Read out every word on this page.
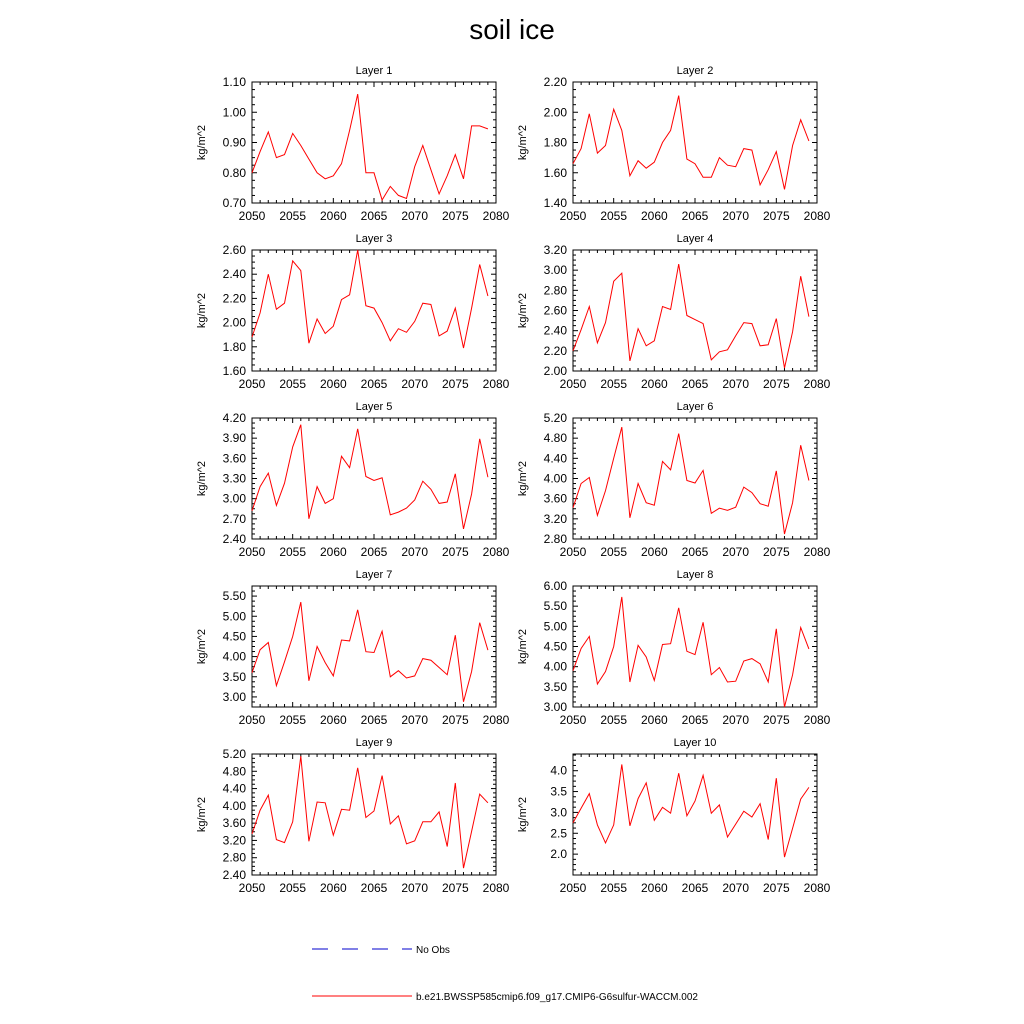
soil ice
Layer 1
kg/m^2
2050 2055 2060 2065 2070 2075 2080
0.70
0.80
0.90
1.00
1.10
Layer 2
kg/m^2
2050 2055 2060 2065 2070 2075 2080
1.40
1.60
1.80
2.00
2.20
Layer 3
kg/m^2
2050 2055 2060 2065 2070 2075 2080
1.60
1.80
2.00
2.20
2.40
2.60
Layer 4
kg/m^2
2050 2055 2060 2065 2070 2075 2080
2.00
2.20
2.40
2.60
2.80
3.00
3.20
Layer 5
kg/m^2
2050 2055 2060 2065 2070 2075 2080
2.40
2.70
3.00
3.30
3.60
3.90
4.20
Layer 6
kg/m^2
2050 2055 2060 2065 2070 2075 2080
2.80
3.20
3.60
4.00
4.40
4.80
5.20
Layer 7
kg/m^2
2050 2055 2060 2065 2070 2075 2080
3.00
3.50
4.00
4.50
5.00
5.50
Layer 8
kg/m^2
2050 2055 2060 2065 2070 2075 2080
3.00
3.50
4.00
4.50
5.00
5.50
6.00
Layer 9
kg/m^2
2050 2055 2060 2065 2070 2075 2080
2.40
2.80
3.20
3.60
4.00
4.40
4.80
5.20
Layer 10
kg/m^2
2050 2055 2060 2065 2070 2075 2080
2.0
2.5
3.0
3.5
4.0
No Obs
b.e21.BWSSP585cmip6.f09_g17.CMIP6-G6sulfur-WACCM.002
